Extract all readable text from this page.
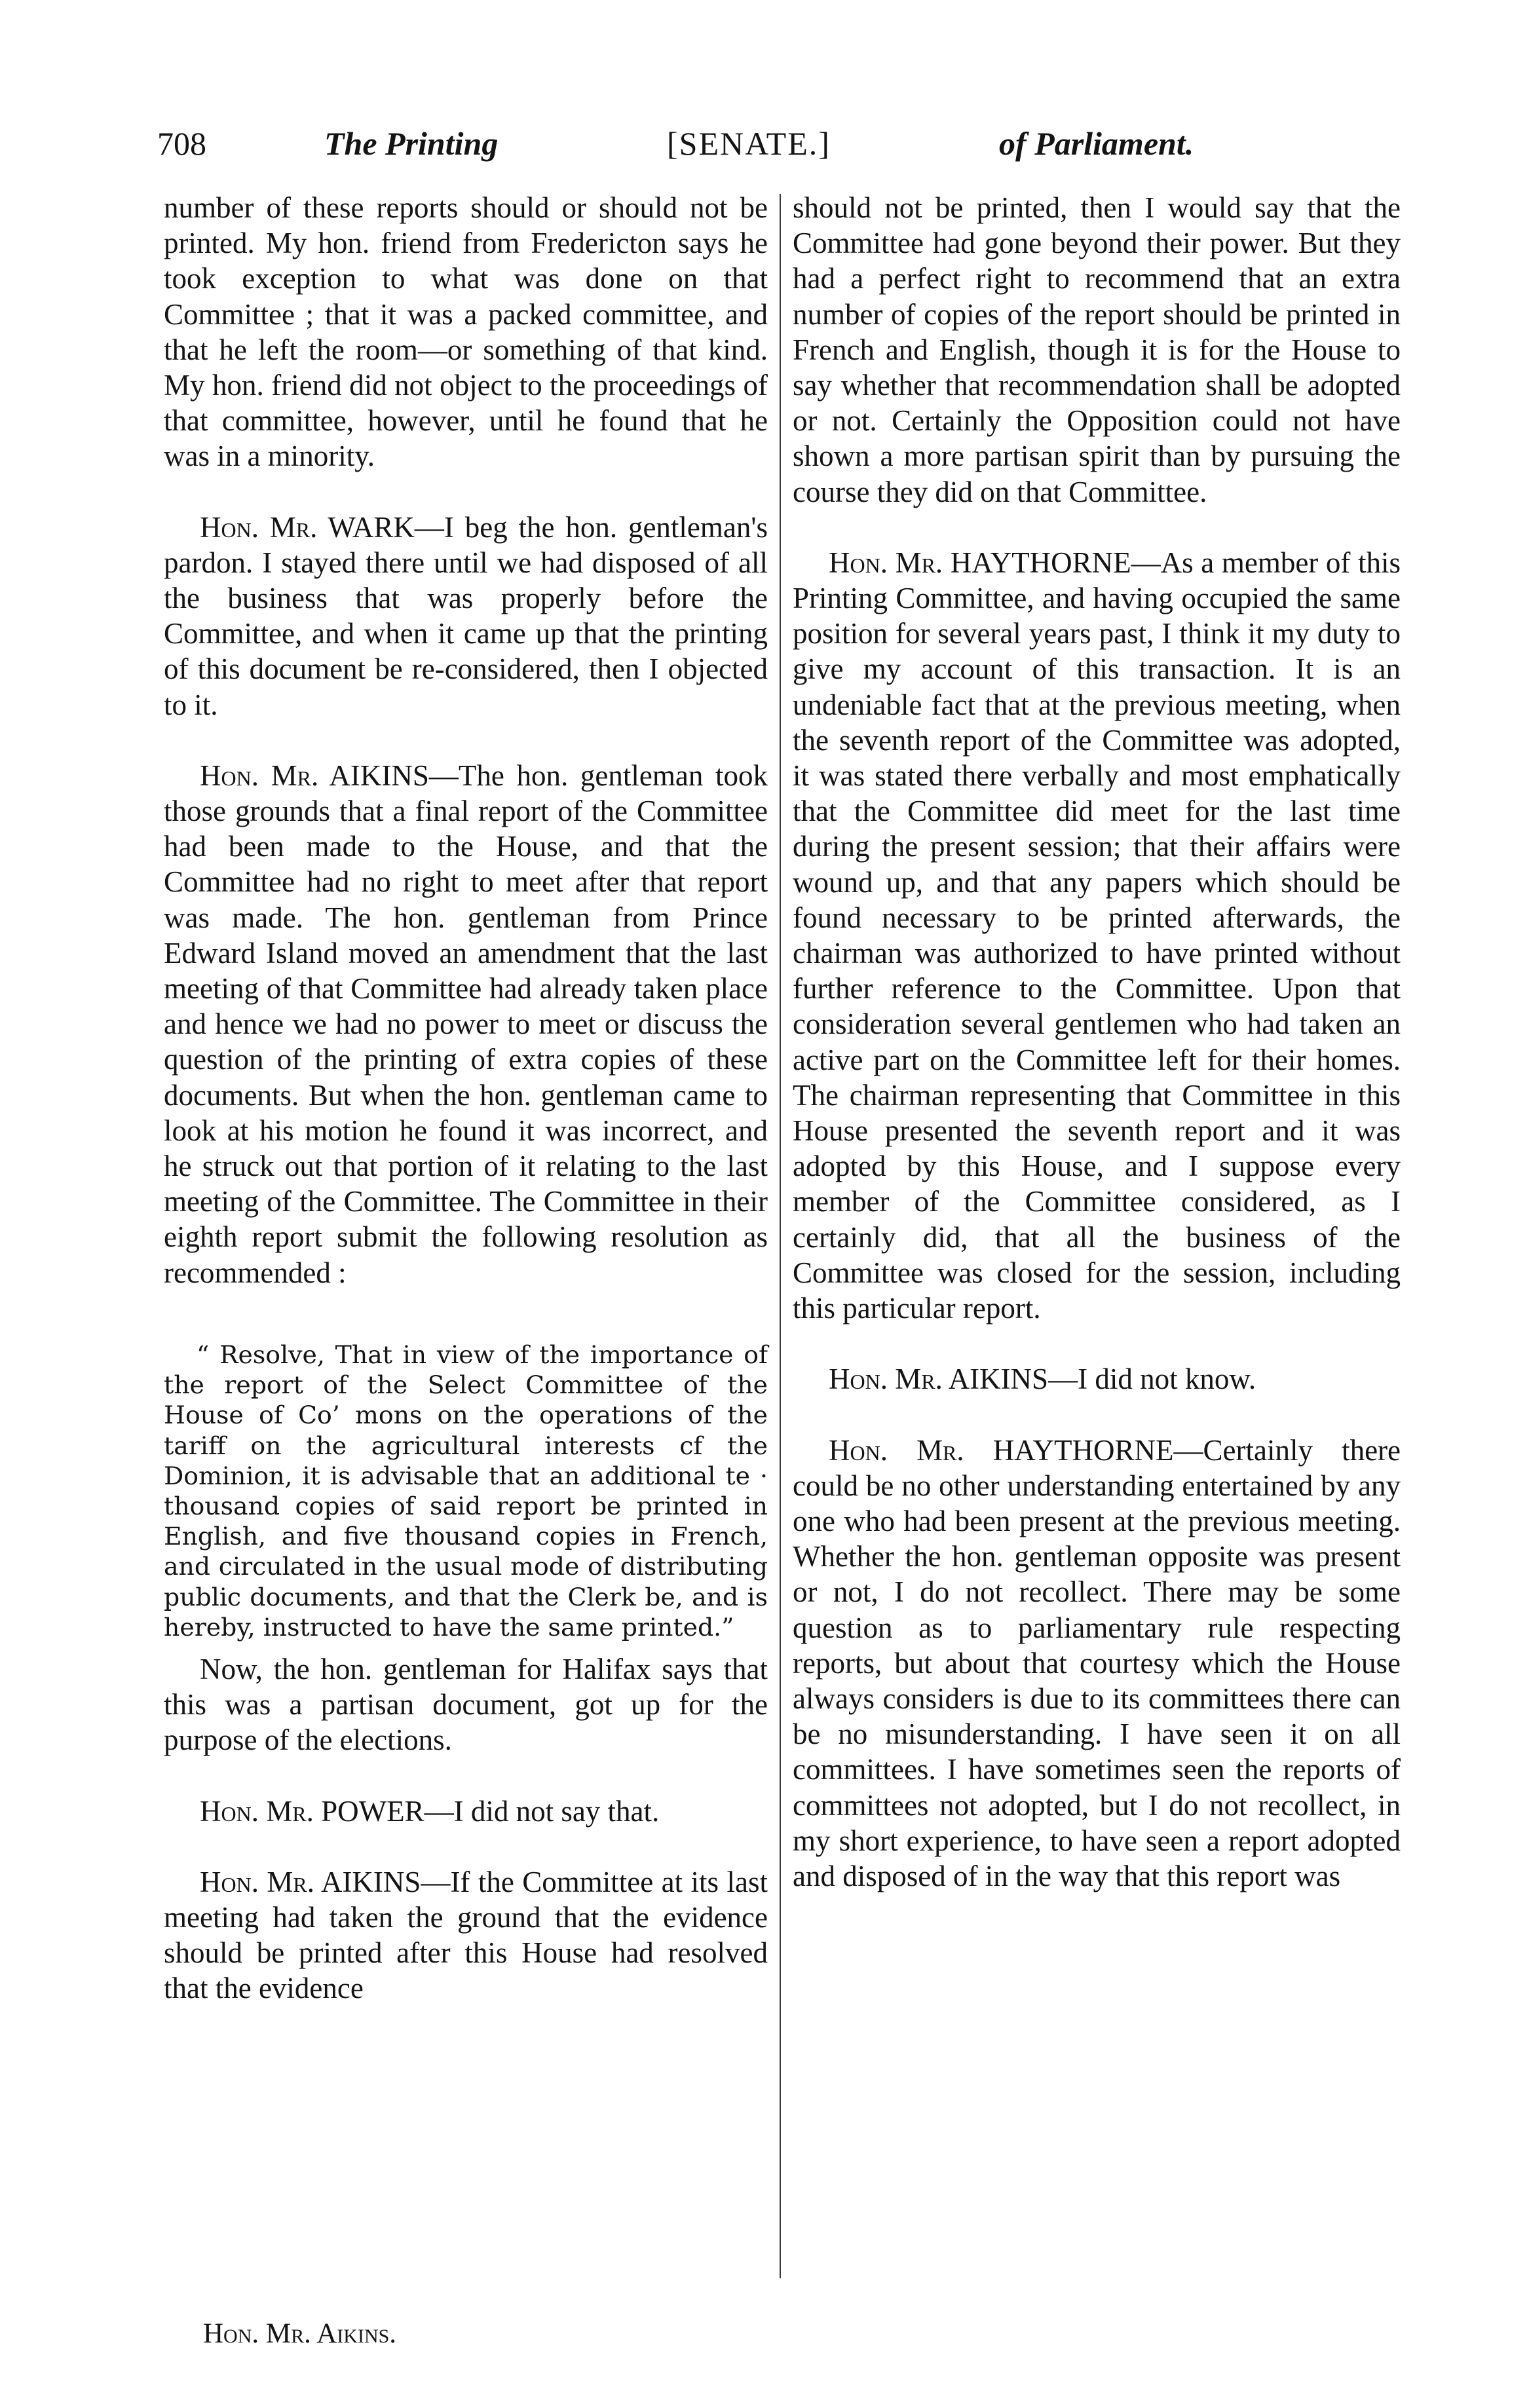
708	The Printing	[SENATE.]	of Parliament.

number of these reports should or should not be printed. My hon. friend from Fredericton says he took exception to what was done on that Committee ; that it was a packed committee, and that he left the room—or something of that kind. My hon. friend did not object to the proceedings of that committee, however, until he found that he was in a minority.

Hon. Mr. WARK—I beg the hon. gentleman's pardon. I stayed there until we had disposed of all the business that was properly before the Committee, and when it came up that the printing of this document be re-considered, then I objected to it.

Hon. Mr. AIKINS—The hon. gentleman took those grounds that a final report of the Committee had been made to the House, and that the Committee had no right to meet after that report was made. The hon. gentleman from Prince Edward Island moved an amendment that the last meeting of that Committee had already taken place and hence we had no power to meet or discuss the question of the printing of extra copies of these documents. But when the hon. gentleman came to look at his motion he found it was incorrect, and he struck out that portion of it relating to the last meeting of the Committee. The Committee in their eighth report submit the following resolution as recommended :

“ Resolve, That in view of the importance of the report of the Select Committee of the House of Co’ mons on the operations of the tariff on the agricultural interests cf the Dominion, it is advisable that an additional te · thousand copies of said report be printed in English, and five thousand copies in French, and circulated in the usual mode of distributing public documents, and that the Clerk be, and is hereby, instructed to have the same printed.”

Now, the hon. gentleman for Halifax says that this was a partisan document, got up for the purpose of the elections.

Hon. Mr. POWER—I did not say that.

Hon. Mr. AIKINS—If the Committee at its last meeting had taken the ground that the evidence should be printed after this House had resolved that the evidence

should not be printed, then I would say that the Committee had gone beyond their power. But they had a perfect right to recommend that an extra number of copies of the report should be printed in French and English, though it is for the House to say whether that recommendation shall be adopted or not. Certainly the Opposition could not have shown a more partisan spirit than by pursuing the course they did on that Committee.

Hon. Mr. HAYTHORNE—As a member of this Printing Committee, and having occupied the same position for several years past, I think it my duty to give my account of this transaction. It is an undeniable fact that at the previous meeting, when the seventh report of the Committee was adopted, it was stated there verbally and most emphatically that the Committee did meet for the last time during the present session; that their affairs were wound up, and that any papers which should be found necessary to be printed afterwards, the chairman was authorized to have printed without further reference to the Committee. Upon that consideration several gentlemen who had taken an active part on the Committee left for their homes. The chairman representing that Committee in this House presented the seventh report and it was adopted by this House, and I suppose every member of the Committee considered, as I certainly did, that all the business of the Committee was closed for the session, including this particular report.

Hon. Mr. AIKINS—I did not know.

Hon. Mr. HAYTHORNE—Certainly there could be no other understanding entertained by any one who had been present at the previous meeting. Whether the hon. gentleman opposite was present or not, I do not recollect. There may be some question as to parliamentary rule respecting reports, but about that courtesy which the House always considers is due to its committees there can be no misunderstanding. I have seen it on all committees. I have sometimes seen the reports of committees not adopted, but I do not recollect, in my short experience, to have seen a report adopted and disposed of in the way that this report was

Hon. Mr. Aikins.
